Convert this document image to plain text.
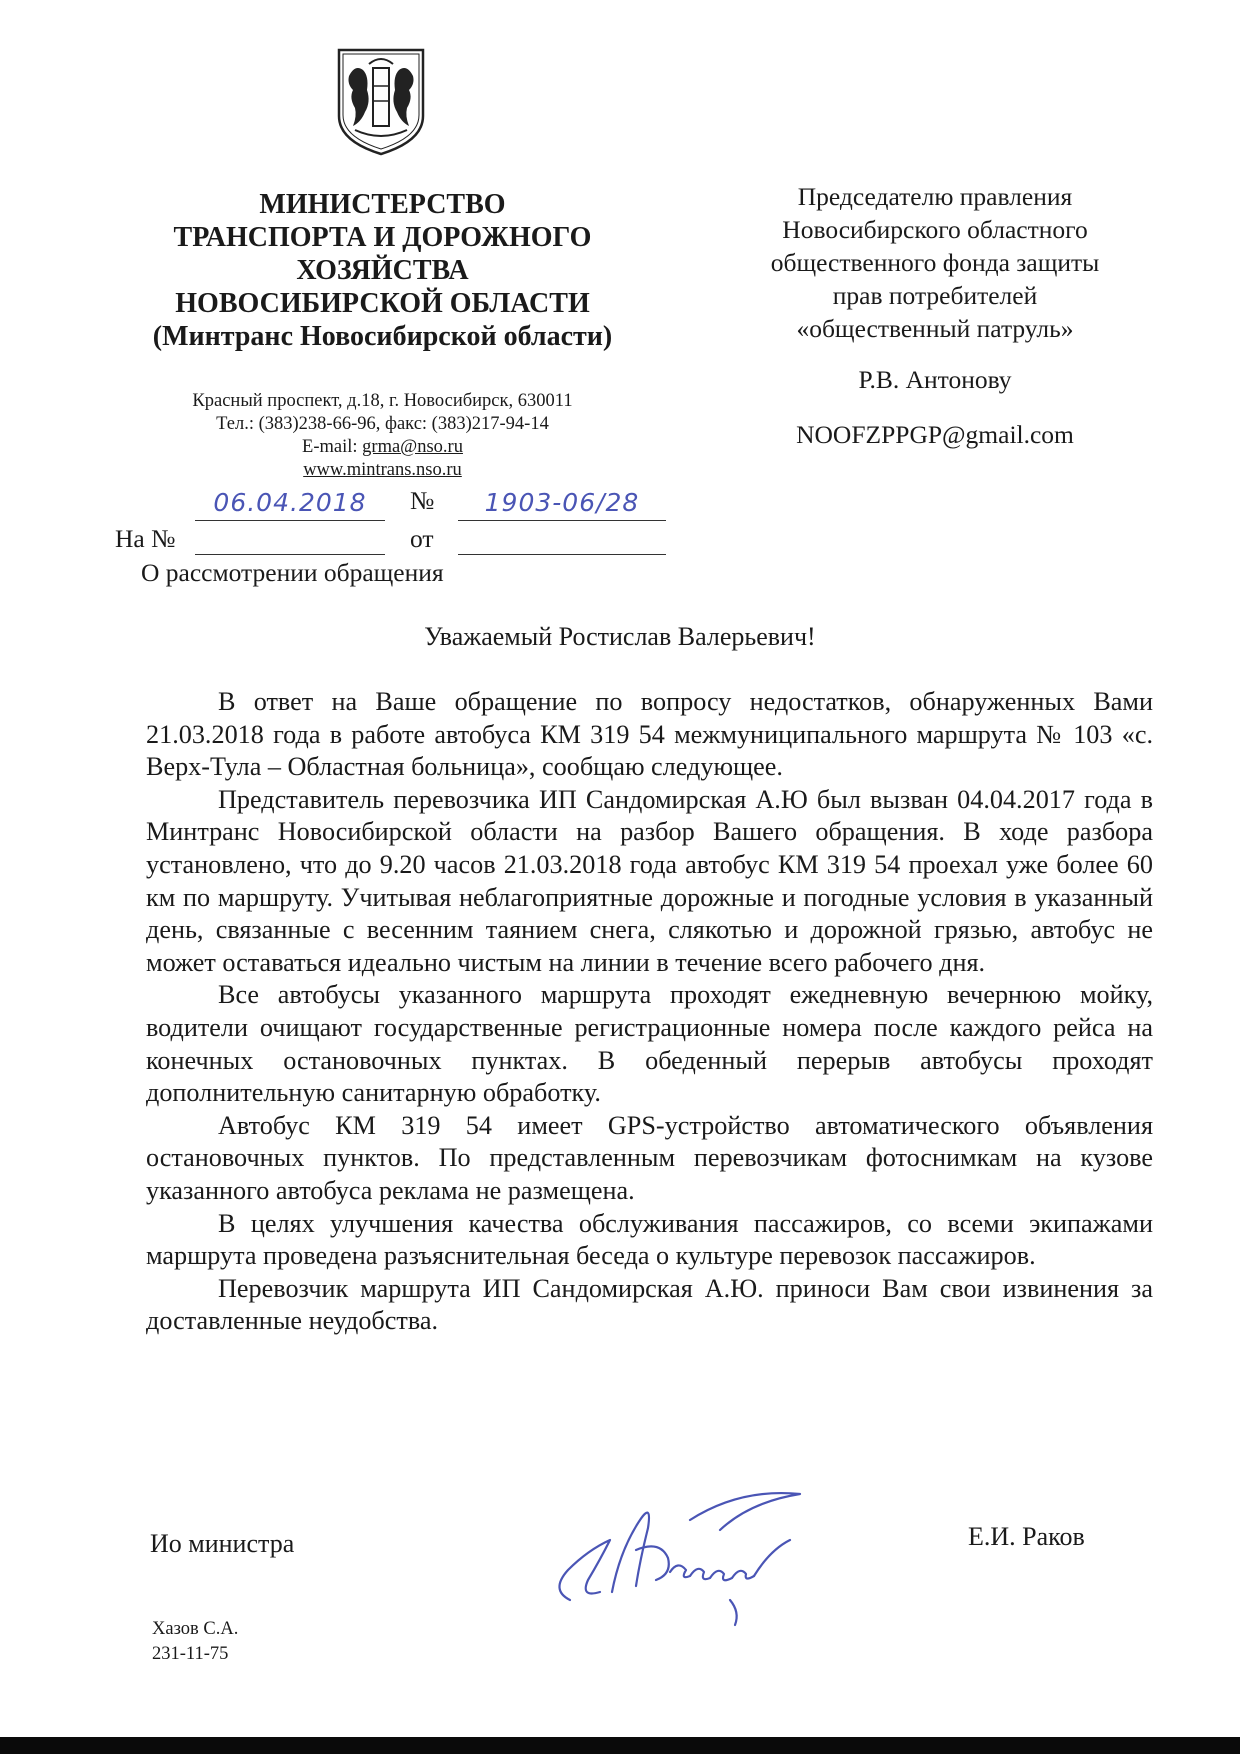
МИНИСТЕРСТВО
ТРАНСПОРТА И ДОРОЖНОГО
ХОЗЯЙСТВА
НОВОСИБИРСКОЙ ОБЛАСТИ
(Минтранс Новосибирской области)
Красный проспект, д.18, г. Новосибирск, 630011
Тел.: (383)238-66-96, факс: (383)217-94-14
E-mail: grma@nso.ru
www.mintrans.nso.ru
06.04.2018	№	1903-06/28
На №	от
О рассмотрении обращения
Председателю правления
Новосибирского областного
общественного фонда защиты
прав потребителей
«общественный патруль»
Р.В. Антонову
NOOFZPPGP@gmail.com
Уважаемый Ростислав Валерьевич!

В ответ на Ваше обращение по вопросу недостатков, обнаруженных Вами 21.03.2018 года в работе автобуса КМ 319 54 межмуниципального маршрута № 103 «с. Верх-Тула – Областная больница», сообщаю следующее.

Представитель перевозчика ИП Сандомирская А.Ю был вызван 04.04.2017 года в Минтранс Новосибирской области на разбор Вашего обращения. В ходе разбора установлено, что до 9.20 часов 21.03.2018 года автобус КМ 319 54 проехал уже более 60 км по маршруту. Учитывая неблагоприятные дорожные и погодные условия в указанный день, связанные с весенним таянием снега, слякотью и дорожной грязью, автобус не может оставаться идеально чистым на линии в течение всего рабочего дня.

Все автобусы указанного маршрута проходят ежедневную вечернюю мойку, водители очищают государственные регистрационные номера после каждого рейса на конечных остановочных пунктах. В обеденный перерыв автобусы проходят дополнительную санитарную обработку.

Автобус КМ 319 54 имеет GPS-устройство автоматического объявления остановочных пунктов. По представленным перевозчикам фотоснимкам на кузове указанного автобуса реклама не размещена.

В целях улучшения качества обслуживания пассажиров, со всеми экипажами маршрута проведена разъяснительная беседа о культуре перевозок пассажиров.

Перевозчик маршрута ИП Сандомирская А.Ю. приноси Вам свои извинения за доставленные неудобства.

Ио министра	Е.И. Раков
Хазов С.А.
231-11-75
